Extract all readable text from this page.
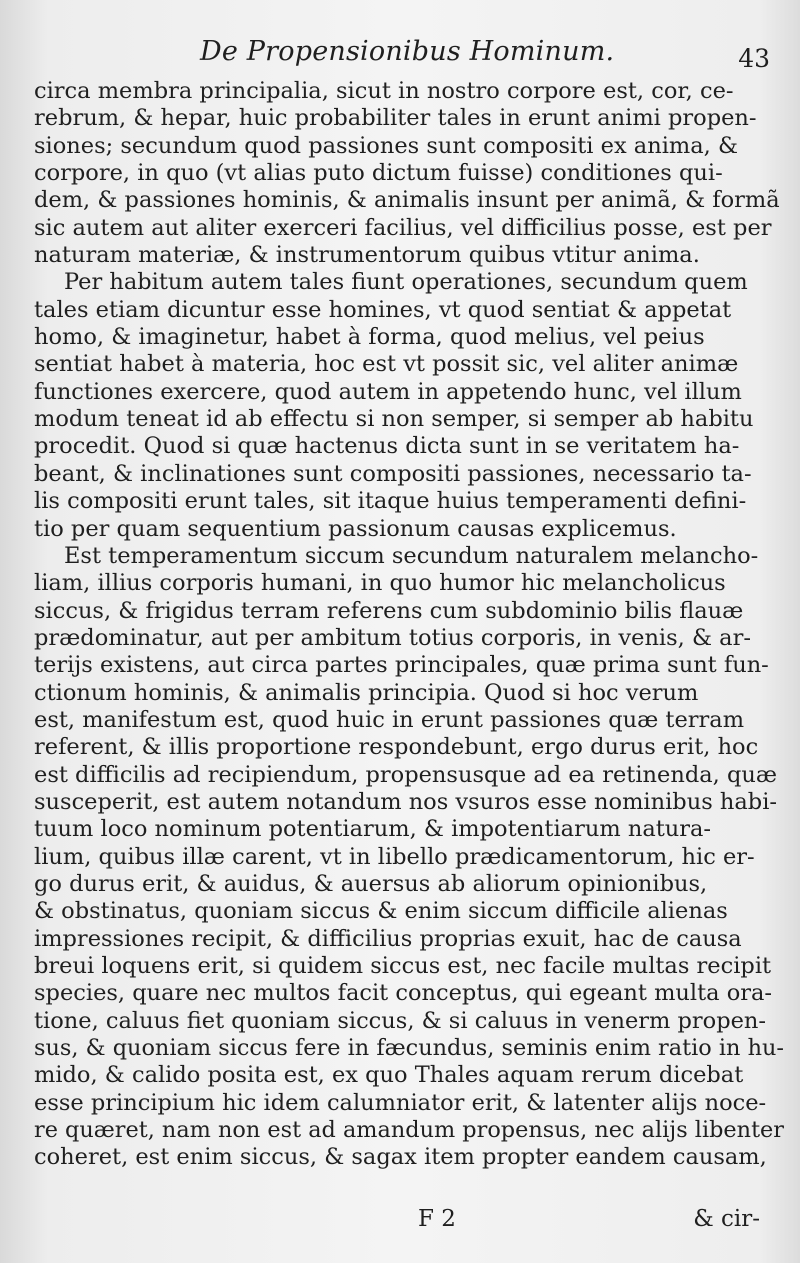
De Propensionibus Hominum.	43
circa membra principalia, sicut in nostro corpore est, cor, ce-
rebrum, & hepar, huic probabiliter tales in erunt animi propen-
siones; secundum quod passiones sunt compositi ex anima, &
corpore, in quo (vt alias puto dictum fuisse) conditiones qui-
dem, & passiones hominis, & animalis insunt per animã, & formã
sic autem aut aliter exerceri facilius, vel difficilius posse, est per
naturam materiæ, & instrumentorum quibus vtitur anima.
Per habitum autem tales fiunt operationes, secundum quem
tales etiam dicuntur esse homines, vt quod sentiat & appetat
homo, & imaginetur, habet à forma, quod melius, vel peius
sentiat habet à materia, hoc est vt possit sic, vel aliter animæ
functiones exercere, quod autem in appetendo hunc, vel illum
modum teneat id ab effectu si non semper, si semper ab habitu
procedit. Quod si quæ hactenus dicta sunt in se veritatem ha-
beant, & inclinationes sunt compositi passiones, necessario ta-
lis compositi erunt tales, sit itaque huius temperamenti defini-
tio per quam sequentium passionum causas explicemus.
Est temperamentum siccum secundum naturalem melancho-
liam, illius corporis humani, in quo humor hic melancholicus
siccus, & frigidus terram referens cum subdominio bilis flauæ
prædominatur, aut per ambitum totius corporis, in venis, & ar-
terijs existens, aut circa partes principales, quæ prima sunt fun-
ctionum hominis, & animalis principia. Quod si hoc verum
est, manifestum est, quod huic in erunt passiones quæ terram
referent, & illis proportione respondebunt, ergo durus erit, hoc
est difficilis ad recipiendum, propensusque ad ea retinenda, quæ
susceperit, est autem notandum nos vsuros esse nominibus habi-
tuum loco nominum potentiarum, & impotentiarum natura-
lium, quibus illæ carent, vt in libello prædicamentorum, hic er-
go durus erit, & auidus, & auersus ab aliorum opinionibus,
& obstinatus, quoniam siccus & enim siccum difficile alienas
impressiones recipit, & difficilius proprias exuit, hac de causa
breui loquens erit, si quidem siccus est, nec facile multas recipit
species, quare nec multos facit conceptus, qui egeant multa ora-
tione, caluus fiet quoniam siccus, & si caluus in venerm propen-
sus, & quoniam siccus fere in fæcundus, seminis enim ratio in hu-
mido, & calido posita est, ex quo Thales aquam rerum dicebat
esse principium hic idem calumniator erit, & latenter alijs noce-
re quæret, nam non est ad amandum propensus, nec alijs libenter
coheret, est enim siccus, & sagax item propter eandem causam,
F 2	& cir-
